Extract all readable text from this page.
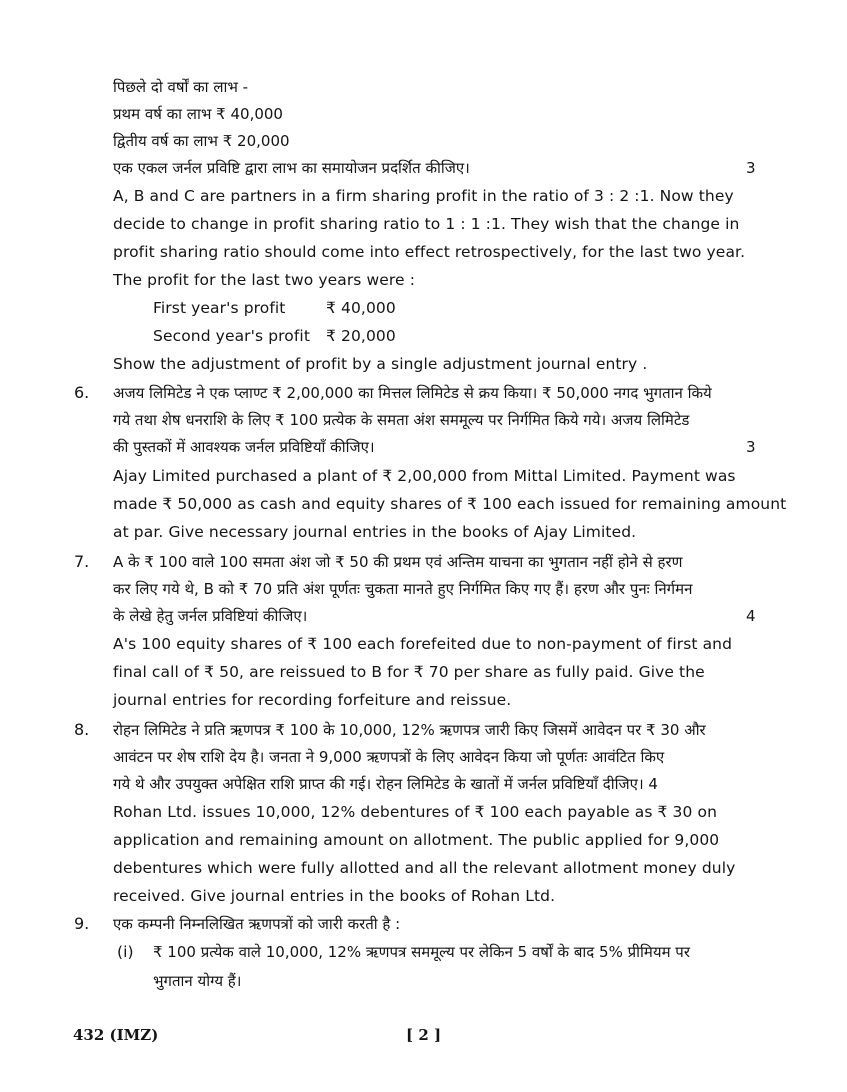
पिछले दो वर्षों का लाभ -
प्रथम वर्ष का लाभ ₹ 40,000
द्वितीय वर्ष का लाभ ₹ 20,000
एक एकल जर्नल प्रविष्टि द्वारा लाभ का समायोजन प्रदर्शित कीजिए।	3
A, B and C are partners in a firm sharing profit in the ratio of 3 : 2 :1. Now they
decide to change in profit sharing ratio to 1 : 1 :1. They wish that the change in
profit sharing ratio should come into effect retrospectively, for the last two year.
The profit for the last two years were :
First year's profit	₹ 40,000
Second year's profit ₹ 20,000
Show the adjustment of profit by a single adjustment journal entry .
6. अजय लिमिटेड ने एक प्लाण्ट ₹ 2,00,000 का मित्तल लिमिटेड से क्रय किया। ₹ 50,000 नगद भुगतान किये
गये तथा शेष धनराशि के लिए ₹ 100 प्रत्येक के समता अंश सममूल्य पर निर्गमित किये गये। अजय लिमिटेड
की पुस्तकों में आवश्यक जर्नल प्रविष्टियाँ कीजिए।	3
Ajay Limited purchased a plant of ₹ 2,00,000 from Mittal Limited. Payment was
made ₹ 50,000 as cash and equity shares of ₹ 100 each issued for remaining amount
at par. Give necessary journal entries in the books of Ajay Limited.
7. A के ₹ 100 वाले 100 समता अंश जो ₹ 50 की प्रथम एवं अन्तिम याचना का भुगतान नहीं होने से हरण
कर लिए गये थे, B को ₹ 70 प्रति अंश पूर्णतः चुकता मानते हुए निर्गमित किए गए हैं। हरण और पुनः निर्गमन
के लेखे हेतु जर्नल प्रविष्टियां कीजिए।	4
A's 100 equity shares of ₹ 100 each forefeited due to non-payment of first and
final call of ₹ 50, are reissued to B for ₹ 70 per share as fully paid. Give the
journal entries for recording forfeiture and reissue.
8. रोहन लिमिटेड ने प्रति ऋणपत्र ₹ 100 के 10,000, 12% ऋणपत्र जारी किए जिसमें आवेदन पर ₹ 30 और
आवंटन पर शेष राशि देय है। जनता ने 9,000 ऋणपत्रों के लिए आवेदन किया जो पूर्णतः आवंटित किए
गये थे और उपयुक्त अपेक्षित राशि प्राप्त की गई। रोहन लिमिटेड के खातों में जर्नल प्रविष्टियाँ दीजिए। 4
Rohan Ltd. issues 10,000, 12% debentures of ₹ 100 each payable as ₹ 30 on
application and remaining amount on allotment. The public applied for 9,000
debentures which were fully allotted and all the relevant allotment money duly
received. Give journal entries in the books of Rohan Ltd.
9. एक कम्पनी निम्नलिखित ऋणपत्रों को जारी करती है :
(i) ₹ 100 प्रत्येक वाले 10,000, 12% ऋणपत्र सममूल्य पर लेकिन 5 वर्षों के बाद 5% प्रीमियम पर
भुगतान योग्य हैं।
432 (IMZ)	[ 2 ]
